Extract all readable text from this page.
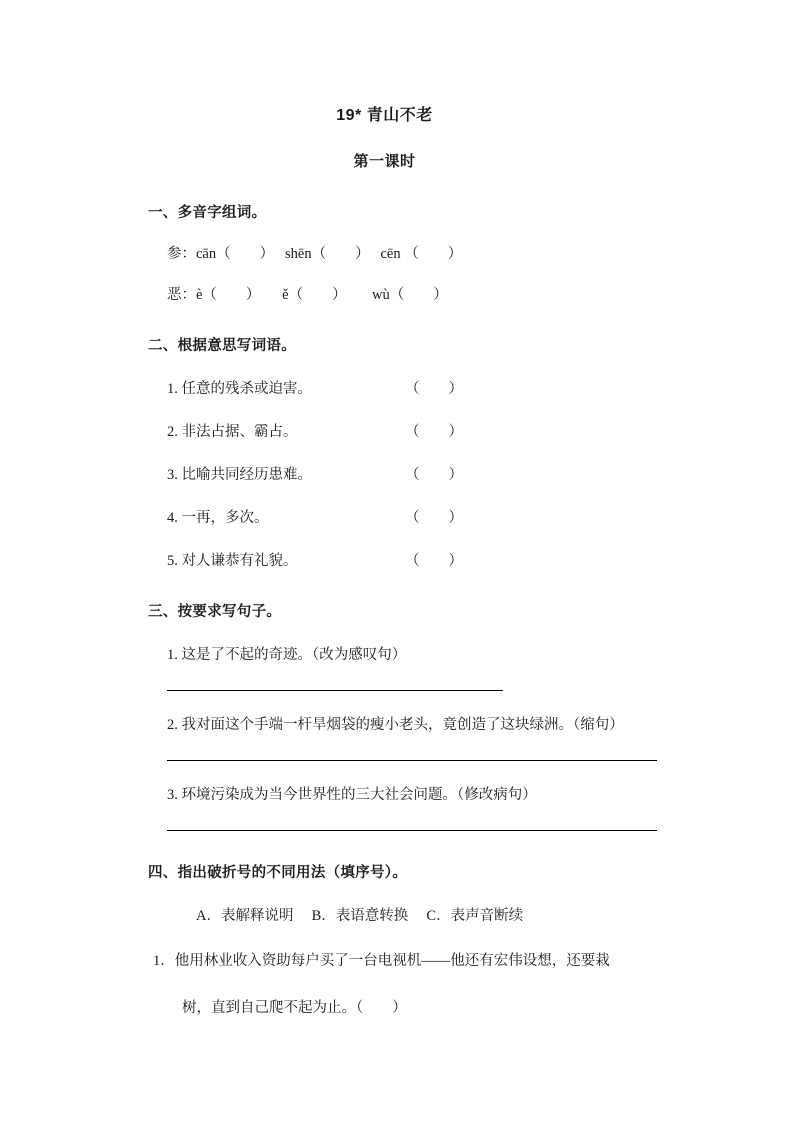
19* 青山不老
第一课时
一、多音字组词。
参：cān（        ）   shēn（        ）   cēn （        ）
恶：è（        ）      ě（        ）       wù（        ）
二、根据意思写词语。
1. 任意的残杀或迫害。	（        ）
2. 非法占据、霸占。	（        ）
3. 比喻共同经历患难。	（        ）
4. 一再，多次。	（        ）
5. 对人谦恭有礼貌。	（        ）
三、按要求写句子。
1. 这是了不起的奇迹。（改为感叹句）
2. 我对面这个手端一杆旱烟袋的瘦小老头，竟创造了这块绿洲。（缩句）
3. 环境污染成为当今世界性的三大社会问题。（修改病句）
四、指出破折号的不同用法（填序号）。
A．表解释说明     B．表语意转换     C．表声音断续
1．他用林业收入资助每户买了一台电视机——他还有宏伟设想，还要栽
树，直到自己爬不起为止。（        ）
